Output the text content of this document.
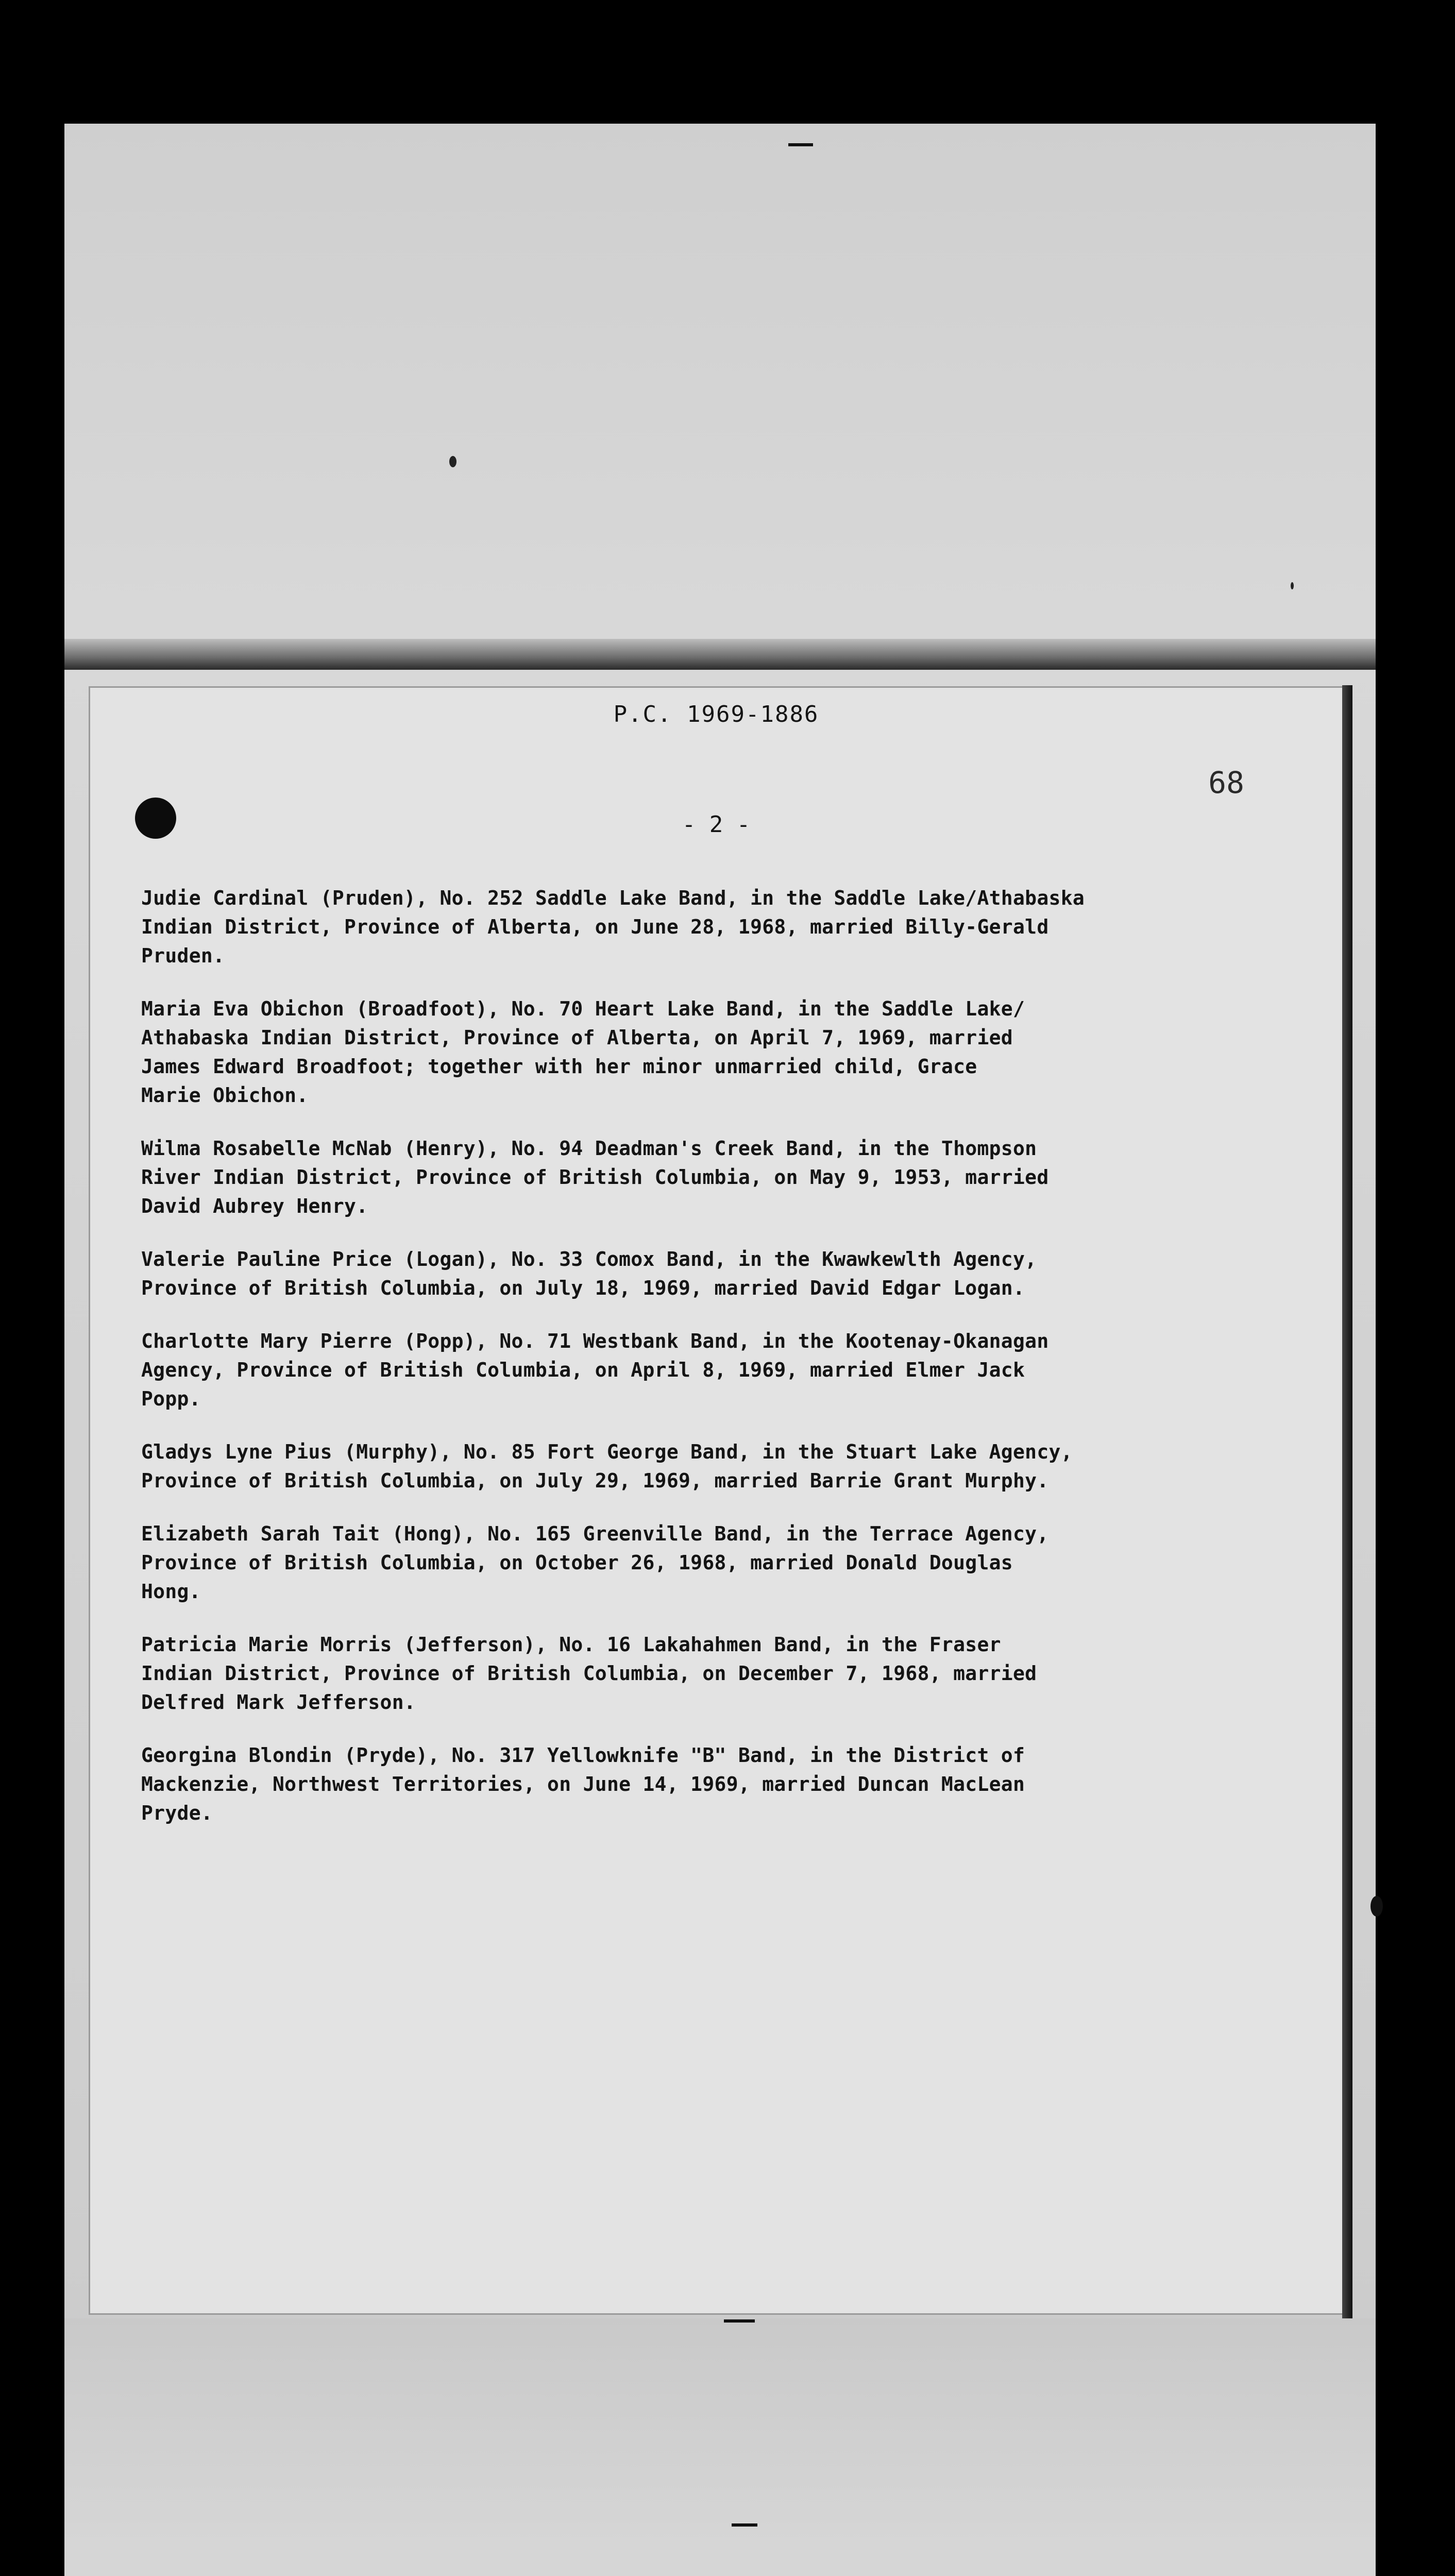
P.C. 1969-1886
68
- 2 -

Judie Cardinal (Pruden), No. 252 Saddle Lake Band, in the Saddle Lake/Athabaska
Indian District, Province of Alberta, on June 28, 1968, married Billy-Gerald
Pruden.

Maria Eva Obichon (Broadfoot), No. 70 Heart Lake Band, in the Saddle Lake/
Athabaska Indian District, Province of Alberta, on April 7, 1969, married
James Edward Broadfoot; together with her minor unmarried child, Grace
Marie Obichon.

Wilma Rosabelle McNab (Henry), No. 94 Deadman's Creek Band, in the Thompson
River Indian District, Province of British Columbia, on May 9, 1953, married
David Aubrey Henry.

Valerie Pauline Price (Logan), No. 33 Comox Band, in the Kwawkewlth Agency,
Province of British Columbia, on July 18, 1969, married David Edgar Logan.

Charlotte Mary Pierre (Popp), No. 71 Westbank Band, in the Kootenay-Okanagan
Agency, Province of British Columbia, on April 8, 1969, married Elmer Jack
Popp.

Gladys Lyne Pius (Murphy), No. 85 Fort George Band, in the Stuart Lake Agency,
Province of British Columbia, on July 29, 1969, married Barrie Grant Murphy.

Elizabeth Sarah Tait (Hong), No. 165 Greenville Band, in the Terrace Agency,
Province of British Columbia, on October 26, 1968, married Donald Douglas
Hong.

Patricia Marie Morris (Jefferson), No. 16 Lakahahmen Band, in the Fraser
Indian District, Province of British Columbia, on December 7, 1968, married
Delfred Mark Jefferson.

Georgina Blondin (Pryde), No. 317 Yellowknife "B" Band, in the District of
Mackenzie, Northwest Territories, on June 14, 1969, married Duncan MacLean
Pryde.
